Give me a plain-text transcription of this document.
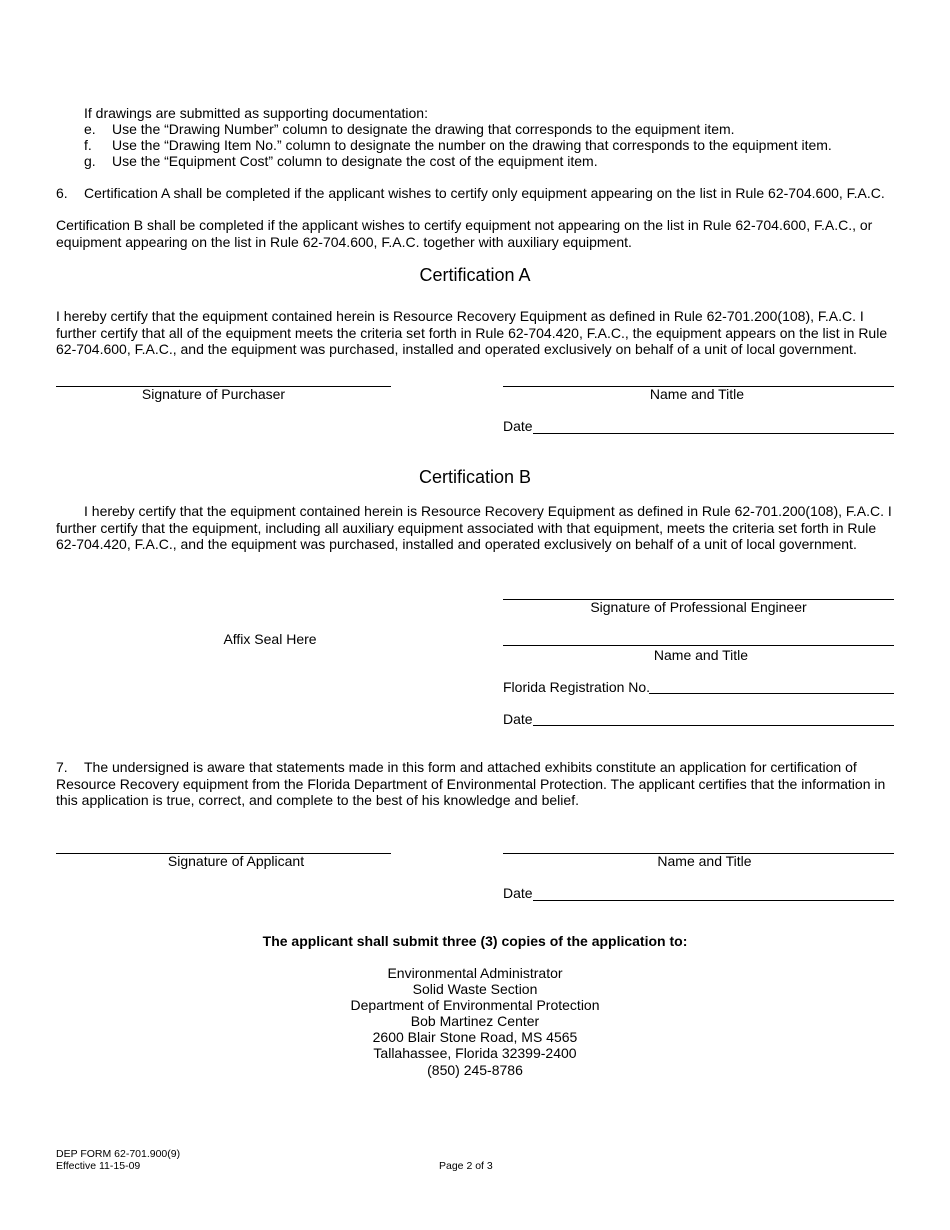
If drawings are submitted as supporting documentation:
e. Use the “Drawing Number” column to designate the drawing that corresponds to the equipment item.
f. Use the “Drawing Item No.” column to designate the number on the drawing that corresponds to the equipment item.
g. Use the “Equipment Cost” column to designate the cost of the equipment item.
6. Certification A shall be completed if the applicant wishes to certify only equipment appearing on the list in Rule 62-704.600, F.A.C.

Certification B shall be completed if the applicant wishes to certify equipment not appearing on the list in Rule 62-704.600, F.A.C., or equipment appearing on the list in Rule 62-704.600, F.A.C. together with auxiliary equipment.

Certification A

I hereby certify that the equipment contained herein is Resource Recovery Equipment as defined in Rule 62-701.200(108), F.A.C. I further certify that all of the equipment meets the criteria set forth in Rule 62-704.420, F.A.C., the equipment appears on the list in Rule 62-704.600, F.A.C., and the equipment was purchased, installed and operated exclusively on behalf of a unit of local government.

Signature of Purchaser	Name and Title
Date
Certification B

I hereby certify that the equipment contained herein is Resource Recovery Equipment as defined in Rule 62-701.200(108), F.A.C. I further certify that the equipment, including all auxiliary equipment associated with that equipment, meets the criteria set forth in Rule 62-704.420, F.A.C., and the equipment was purchased, installed and operated exclusively on behalf of a unit of local government.

Signature of Professional Engineer
Affix Seal Here
Name and Title
Florida Registration No.
Date

7. The undersigned is aware that statements made in this form and attached exhibits constitute an application for certification of Resource Recovery equipment from the Florida Department of Environmental Protection. The applicant certifies that the information in this application is true, correct, and complete to the best of his knowledge and belief.

Signature of Applicant	Name and Title
Date
The applicant shall submit three (3) copies of the application to:
Environmental Administrator
Solid Waste Section
Department of Environmental Protection
Bob Martinez Center
2600 Blair Stone Road, MS 4565
Tallahassee, Florida 32399-2400
(850) 245-8786
DEP FORM 62-701.900(9)
Effective 11-15-09	Page 2 of 3
